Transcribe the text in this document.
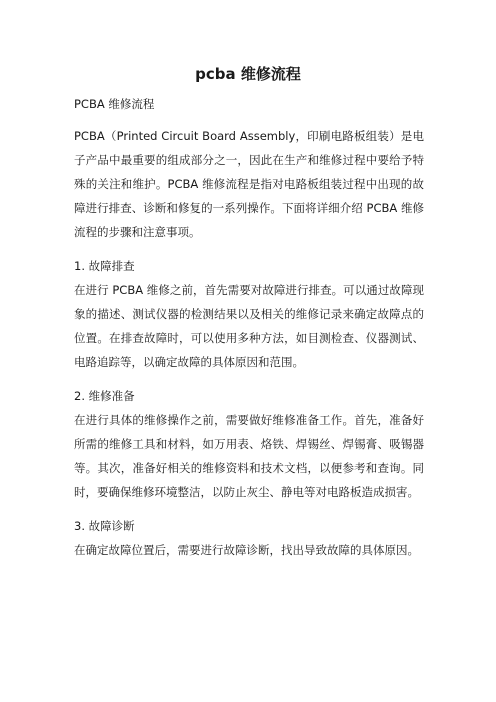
pcba 维修流程

PCBA 维修流程

PCBA（Printed Circuit Board Assembly，印刷电路板组装）是电子产品中最重要的组成部分之一，因此在生产和维修过程中要给予特殊的关注和维护。PCBA 维修流程是指对电路板组装过程中出现的故障进行排查、诊断和修复的一系列操作。下面将详细介绍 PCBA 维修流程的步骤和注意事项。

1. 故障排查

在进行 PCBA 维修之前，首先需要对故障进行排查。可以通过故障现象的描述、测试仪器的检测结果以及相关的维修记录来确定故障点的位置。在排查故障时，可以使用多种方法，如目测检查、仪器测试、电路追踪等，以确定故障的具体原因和范围。

2. 维修准备

在进行具体的维修操作之前，需要做好维修准备工作。首先，准备好所需的维修工具和材料，如万用表、烙铁、焊锡丝、焊锡膏、吸锡器等。其次，准备好相关的维修资料和技术文档，以便参考和查询。同时，要确保维修环境整洁，以防止灰尘、静电等对电路板造成损害。

3. 故障诊断

在确定故障位置后，需要进行故障诊断，找出导致故障的具体原因。
